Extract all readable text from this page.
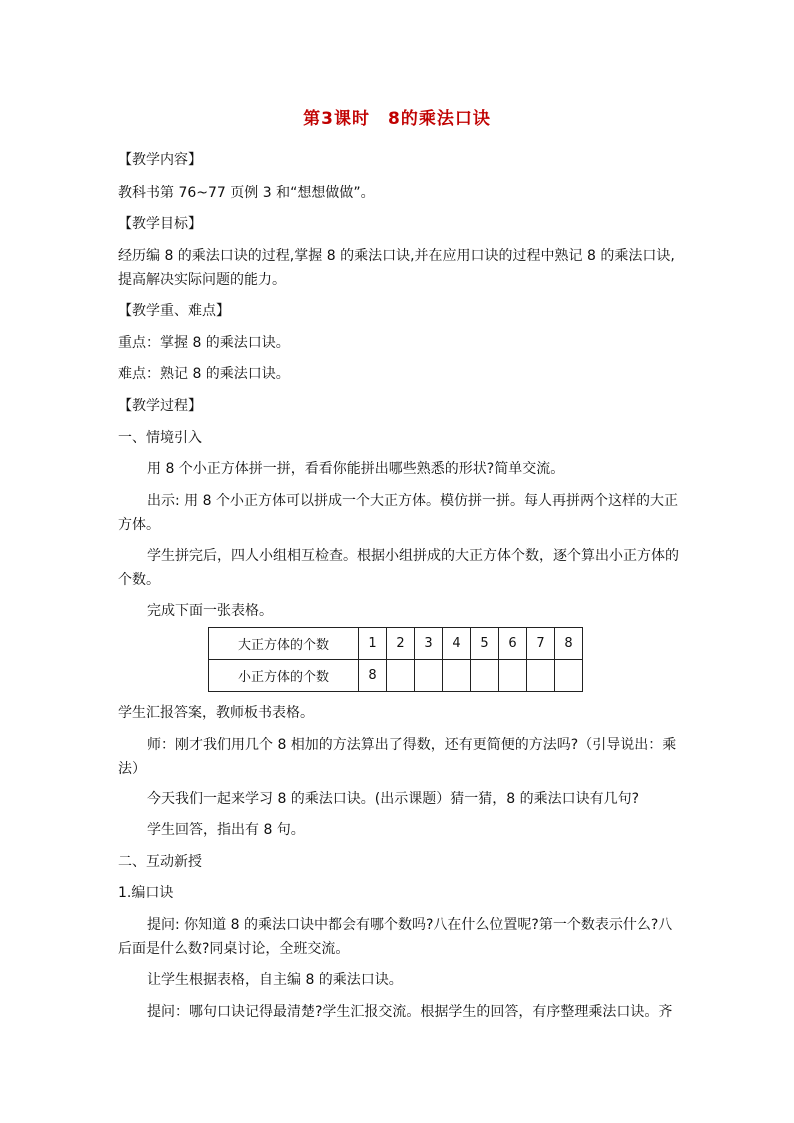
第3课时　8的乘法口诀
【教学内容】
教科书第 76~77 页例 3 和“想想做做”。
【教学目标】
经历编 8 的乘法口诀的过程,掌握 8 的乘法口诀,并在应用口诀的过程中熟记 8 的乘法口诀,
提高解决实际问题的能力。
【教学重、难点】
重点：掌握 8 的乘法口诀。
难点：熟记 8 的乘法口诀。
【教学过程】
一、情境引入
用 8 个小正方体拼一拼，看看你能拼出哪些熟悉的形状?简单交流。
出示: 用 8 个小正方体可以拼成一个大正方体。模仿拼一拼。每人再拼两个这样的大正
方体。
学生拼完后，四人小组相互检查。根据小组拼成的大正方体个数，逐个算出小正方体的
个数。
完成下面一张表格。
大正方体的个数	1	2	3	4	5	6	7	8
小正方体的个数	8							
学生汇报答案，教师板书表格。
师：刚才我们用几个 8 相加的方法算出了得数，还有更简便的方法吗?（引导说出：乘
法）
今天我们一起来学习 8 的乘法口诀。(出示课题）猜一猜，8 的乘法口诀有几句?
学生回答，指出有 8 句。
二、互动新授
1.编口诀
提问: 你知道 8 的乘法口诀中都会有哪个数吗?八在什么位置呢?第一个数表示什么?八
后面是什么数?同桌讨论，全班交流。
让学生根据表格，自主编 8 的乘法口诀。
提问：哪句口诀记得最清楚?学生汇报交流。根据学生的回答，有序整理乘法口诀。齐
